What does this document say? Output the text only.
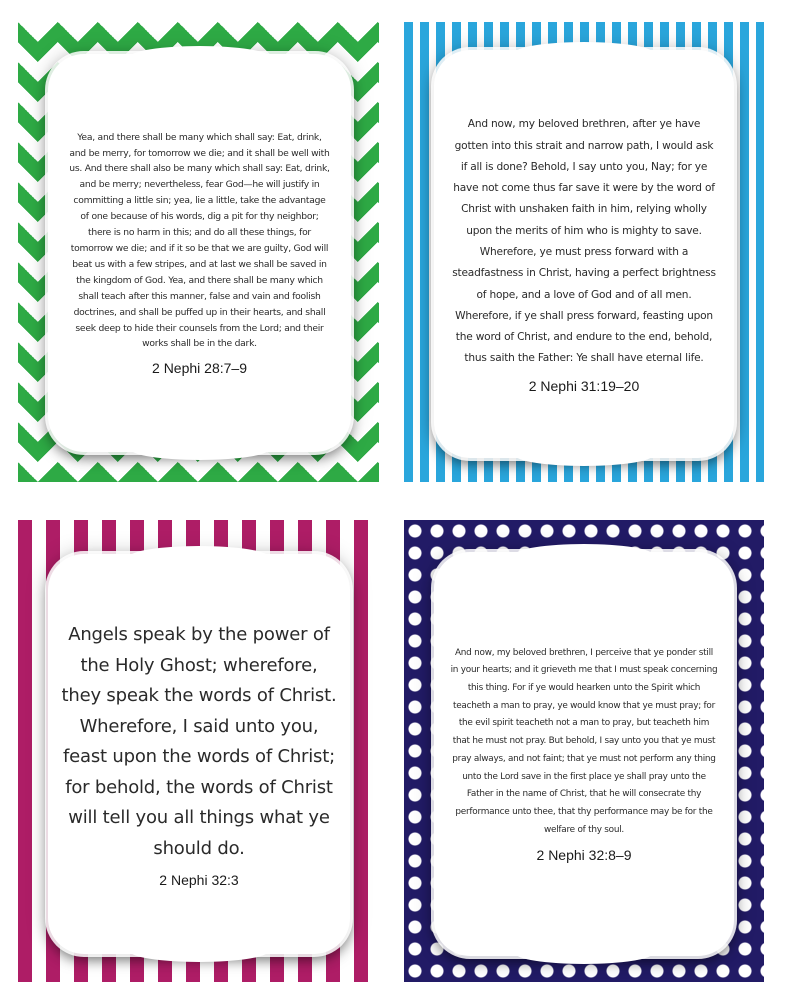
Yea, and there shall be many which shall say: Eat, drink, and be merry, for tomorrow we die; and it shall be well with us. And there shall also be many which shall say: Eat, drink, and be merry; nevertheless, fear God—he will justify in committing a little sin; yea, lie a little, take the advantage of one because of his words, dig a pit for thy neighbor; there is no harm in this; and do all these things, for tomorrow we die; and if it so be that we are guilty, God will beat us with a few stripes, and at last we shall be saved in the kingdom of God. Yea, and there shall be many which shall teach after this manner, false and vain and foolish doctrines, and shall be puffed up in their hearts, and shall seek deep to hide their counsels from the Lord; and their works shall be in the dark.

2 Nephi 28:7–9

And now, my beloved brethren, after ye have gotten into this strait and narrow path, I would ask if all is done? Behold, I say unto you, Nay; for ye have not come thus far save it were by the word of Christ with unshaken faith in him, relying wholly upon the merits of him who is mighty to save. Wherefore, ye must press forward with a steadfastness in Christ, having a perfect brightness of hope, and a love of God and of all men. Wherefore, if ye shall press forward, feasting upon the word of Christ, and endure to the end, behold, thus saith the Father: Ye shall have eternal life.

2 Nephi 31:19–20

Angels speak by the power of the Holy Ghost; wherefore, they speak the words of Christ. Wherefore, I said unto you, feast upon the words of Christ; for behold, the words of Christ will tell you all things what ye should do.

2 Nephi 32:3

And now, my beloved brethren, I perceive that ye ponder still in your hearts; and it grieveth me that I must speak concerning this thing. For if ye would hearken unto the Spirit which teacheth a man to pray, ye would know that ye must pray; for the evil spirit teacheth not a man to pray, but teacheth him that he must not pray. But behold, I say unto you that ye must pray always, and not faint; that ye must not perform any thing unto the Lord save in the first place ye shall pray unto the Father in the name of Christ, that he will consecrate thy performance unto thee, that thy performance may be for the welfare of thy soul.

2 Nephi 32:8–9
